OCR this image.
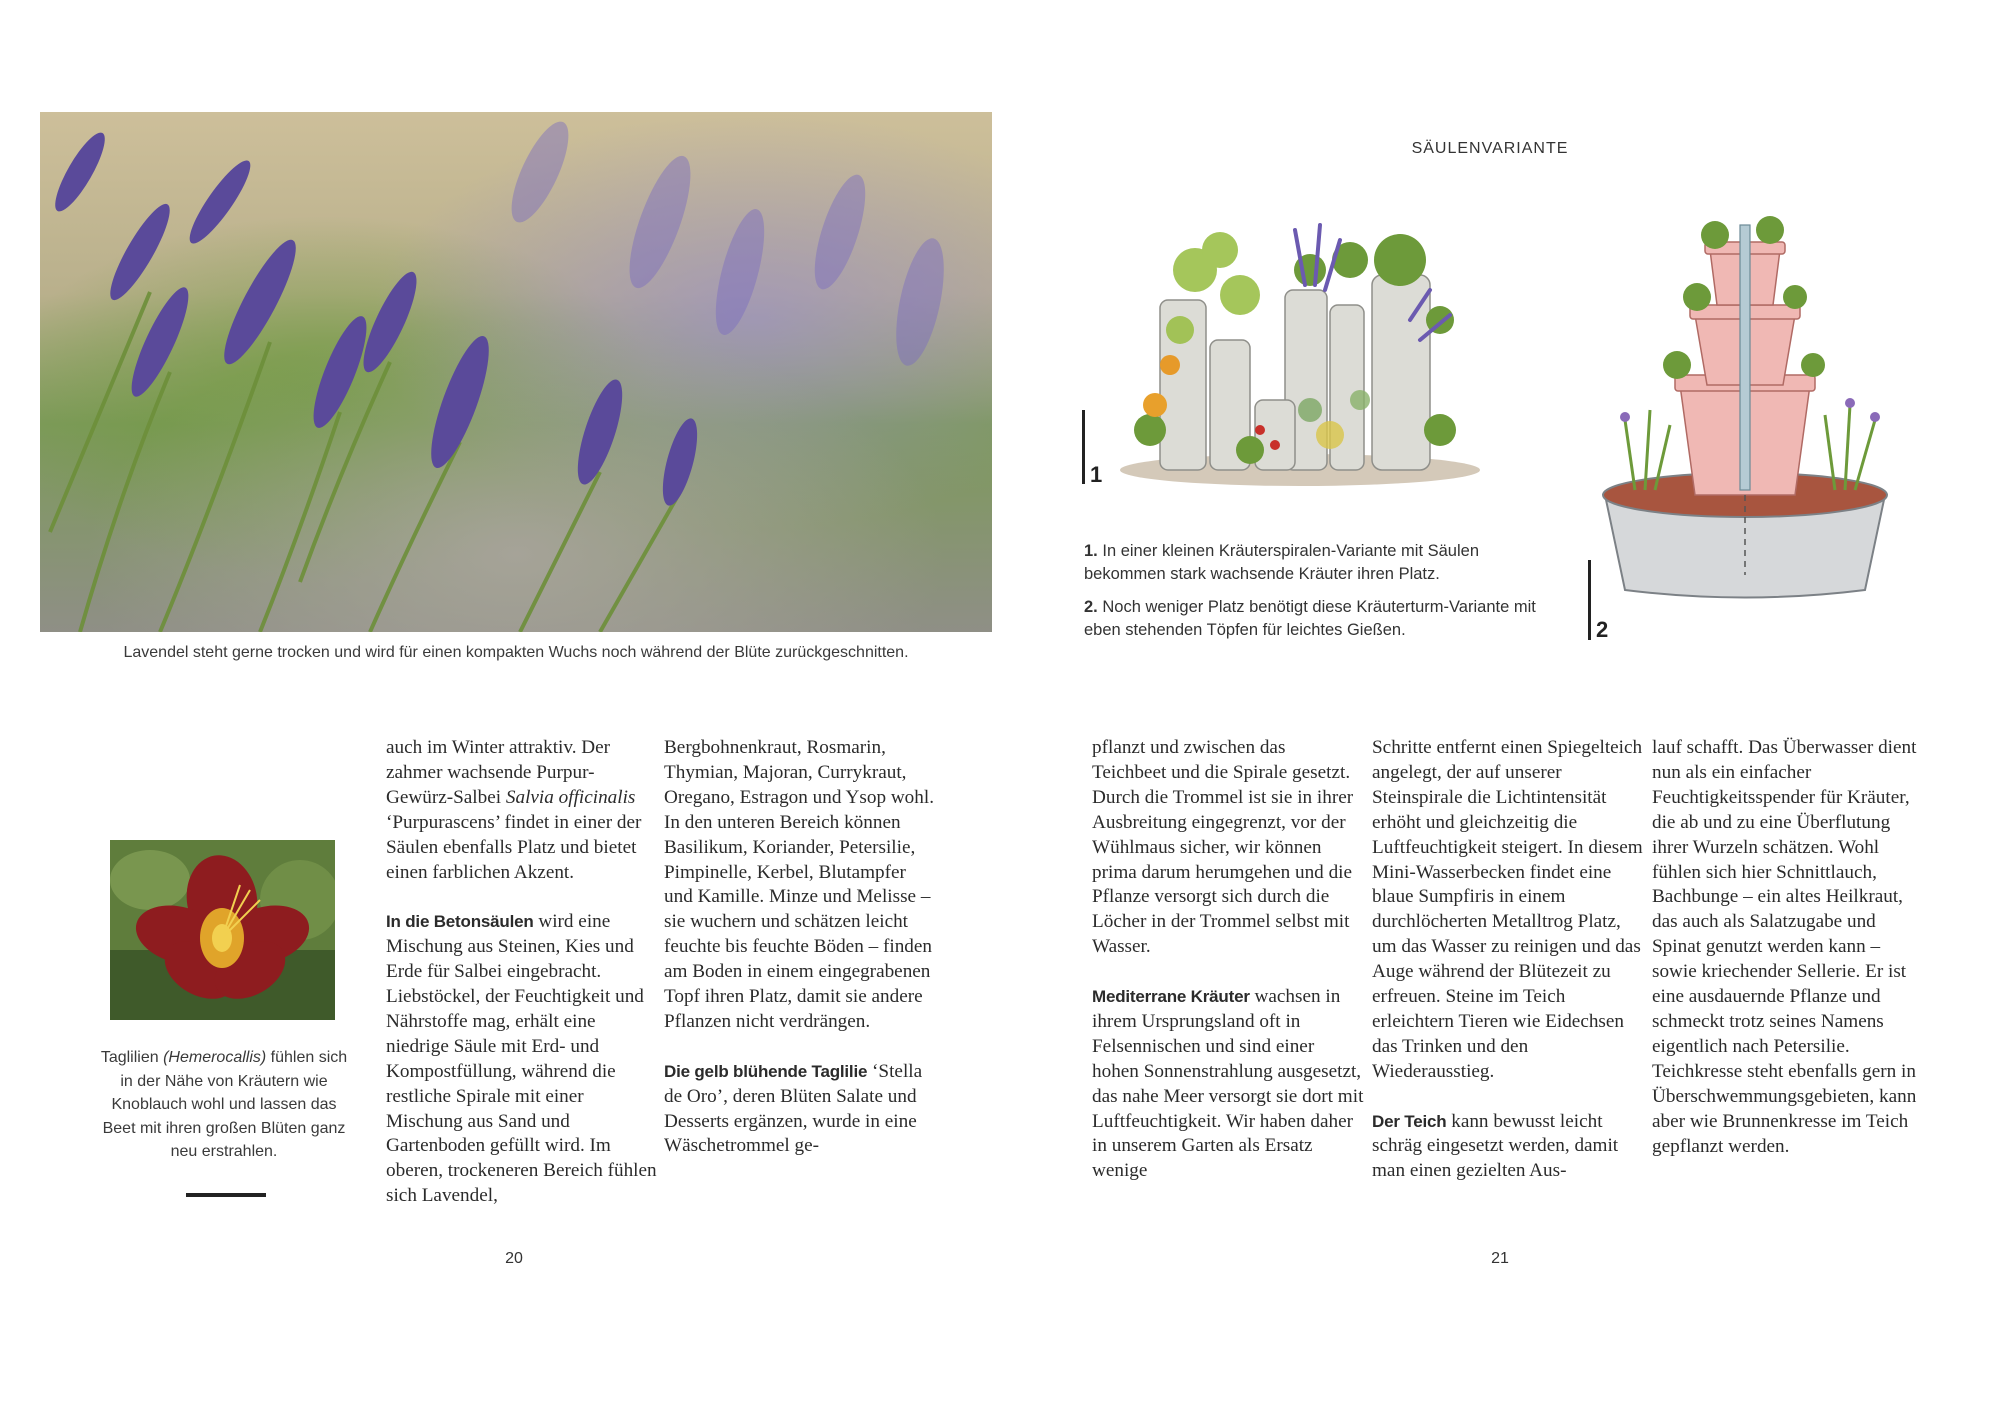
Lavendel steht gerne trocken und wird für einen kompakten Wuchs noch während der Blüte zurückgeschnitten.
Taglilien (Hemerocallis) fühlen sich in der Nähe von Kräutern wie Knoblauch wohl und lassen das Beet mit ihren großen Blüten ganz neu erstrahlen.

auch im Winter attraktiv. Der zahmer wachsende Purpur-Gewürz-Salbei Salvia officinalis ‘Purpurascens’ findet in einer der Säulen ebenfalls Platz und bietet einen farblichen Akzent.

In die Betonsäulen wird eine Mischung aus Steinen, Kies und Erde für Salbei eingebracht. Liebstöckel, der Feuchtigkeit und Nährstoffe mag, erhält eine niedrige Säule mit Erd- und Kompostfüllung, während die restliche Spirale mit einer Mischung aus Sand und Gartenboden gefüllt wird. Im oberen, trockeneren Bereich fühlen sich Lavendel,

Bergbohnenkraut, Rosmarin, Thymian, Majoran, Currykraut, Oregano, Estragon und Ysop wohl. In den unteren Bereich können Basilikum, Koriander, Petersilie, Pimpinelle, Kerbel, Blutampfer und Kamille. Minze und Melisse – sie wuchern und schätzen leicht feuchte bis feuchte Böden – finden am Boden in einem eingegrabenen Topf ihren Platz, damit sie andere Pflanzen nicht verdrängen.

Die gelb blühende Taglilie ‘Stella de Oro’, deren Blüten Salate und Desserts ergänzen, wurde in eine Wäschetrommel ge-

20
SÄULENVARIANTE
1
2
1. In einer kleinen Kräuterspiralen-Variante mit Säulen bekommen stark wachsende Kräuter ihren Platz.
2. Noch weniger Platz benötigt diese Kräuterturm-Variante mit eben stehenden Töpfen für leichtes Gießen.

pflanzt und zwischen das Teichbeet und die Spirale gesetzt. Durch die Trommel ist sie in ihrer Ausbreitung eingegrenzt, vor der Wühlmaus sicher, wir können prima darum herumgehen und die Pflanze versorgt sich durch die Löcher in der Trommel selbst mit Wasser.

Mediterrane Kräuter wachsen in ihrem Ursprungsland oft in Felsennischen und sind einer hohen Sonnenstrahlung ausgesetzt, das nahe Meer versorgt sie dort mit Luftfeuchtigkeit. Wir haben daher in unserem Garten als Ersatz wenige

Schritte entfernt einen Spiegelteich angelegt, der auf unserer Steinspirale die Lichtintensität erhöht und gleichzeitig die Luftfeuchtigkeit steigert. In diesem Mini-Wasserbecken findet eine blaue Sumpfiris in einem durchlöcherten Metalltrog Platz, um das Wasser zu reinigen und das Auge während der Blütezeit zu erfreuen. Steine im Teich erleichtern Tieren wie Eidechsen das Trinken und den Wiederausstieg.

Der Teich kann bewusst leicht schräg eingesetzt werden, damit man einen gezielten Aus-

lauf schafft. Das Überwasser dient nun als ein einfacher Feuchtigkeitsspender für Kräuter, die ab und zu eine Überflutung ihrer Wurzeln schätzen. Wohl fühlen sich hier Schnittlauch, Bachbunge – ein altes Heilkraut, das auch als Salatzugabe und Spinat genutzt werden kann – sowie kriechender Sellerie. Er ist eine ausdauernde Pflanze und schmeckt trotz seines Namens eigentlich nach Petersilie. Teichkresse steht ebenfalls gern in Überschwemmungsgebieten, kann aber wie Brunnenkresse im Teich gepflanzt werden.

21
